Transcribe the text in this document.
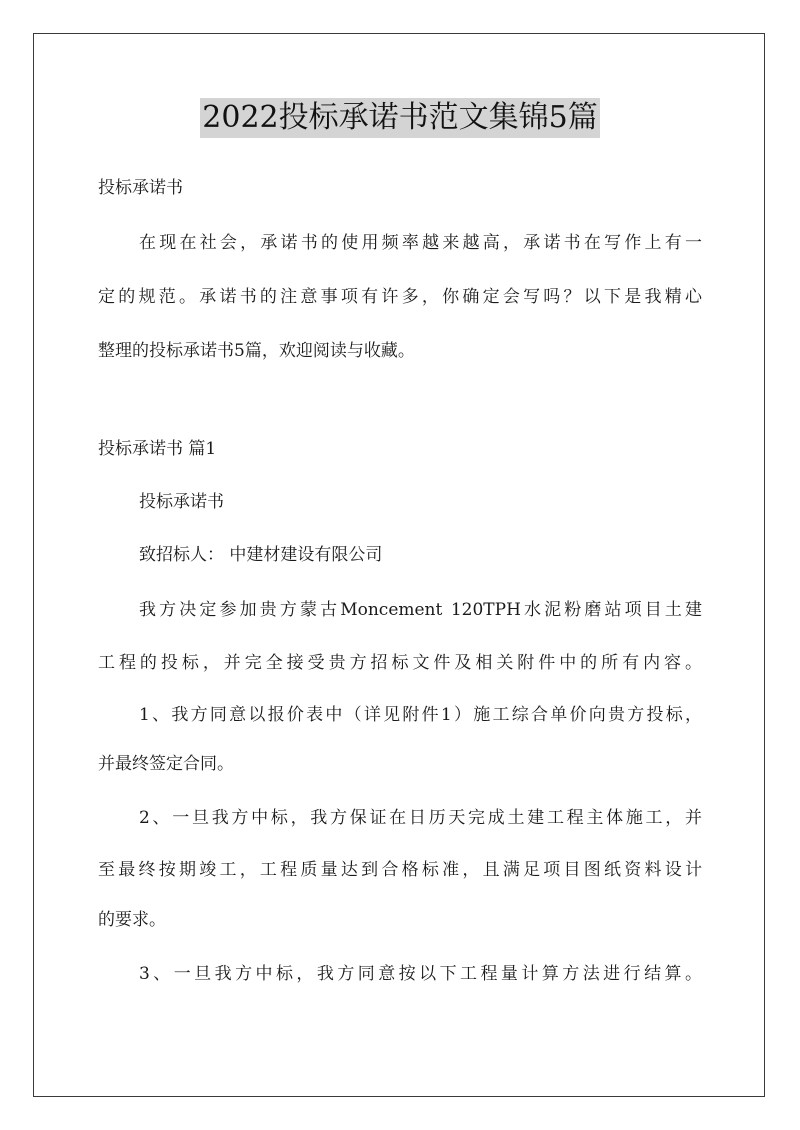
2022投标承诺书范文集锦5篇
投标承诺书
在现在社会，承诺书的使用频率越来越高，承诺书在写作上有一
定的规范。承诺书的注意事项有许多，你确定会写吗？以下是我精心
整理的投标承诺书5篇，欢迎阅读与收藏。
投标承诺书 篇1
投标承诺书
致招标人： 中建材建设有限公司
我方决定参加贵方蒙古Moncement 120TPH水泥粉磨站项目土建
工程的投标，并完全接受贵方招标文件及相关附件中的所有内容。
1、我方同意以报价表中（详见附件1）施工综合单价向贵方投标，
并最终签定合同。
2、一旦我方中标，我方保证在日历天完成土建工程主体施工，并
至最终按期竣工，工程质量达到合格标准，且满足项目图纸资料设计
的要求。
3、一旦我方中标，我方同意按以下工程量计算方法进行结算。
